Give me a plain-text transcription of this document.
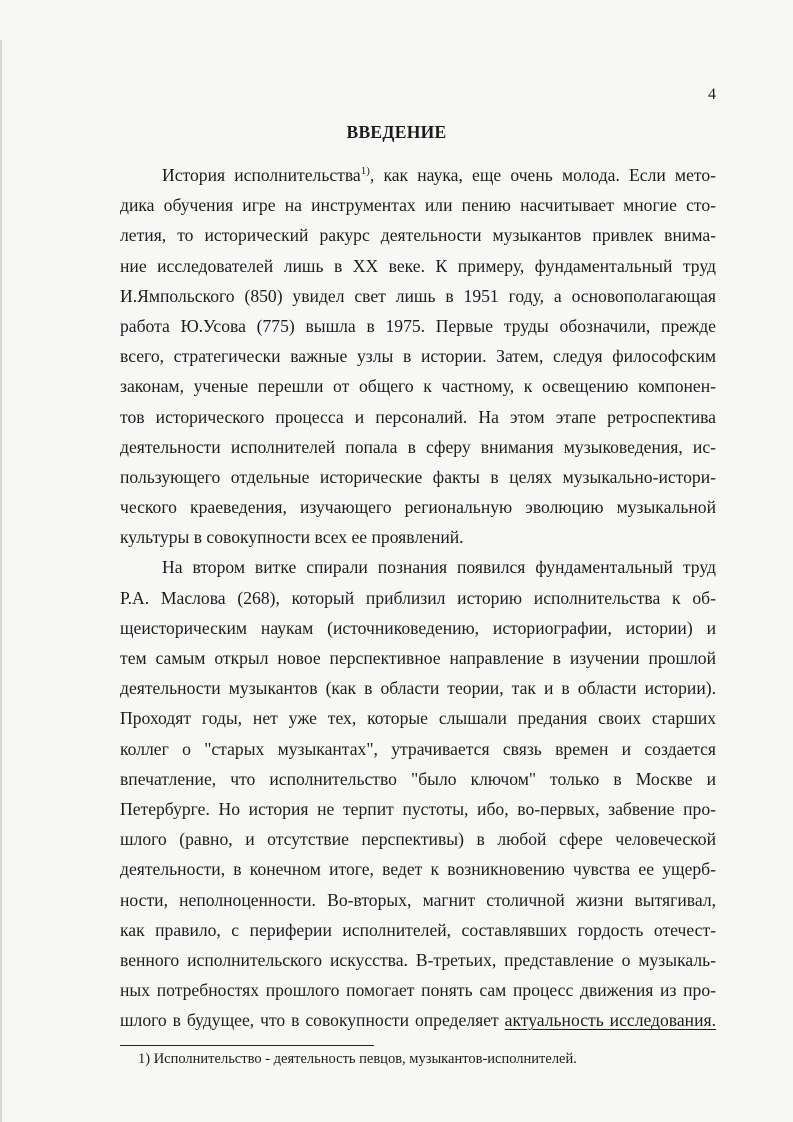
4
ВВЕДЕНИЕ
История исполнительства$^{1)}$, как наука, еще очень молода. Если мето-
дика обучения игре на инструментах или пению насчитывает многие сто-
летия, то исторический ракурс деятельности музыкантов привлек внима-
ние исследователей лишь в XX веке. К примеру, фундаментальный труд
И.Ямпольского (850) увидел свет лишь в 1951 году, а основополагающая
работа Ю.Усова (775) вышла в 1975. Первые труды обозначили, прежде
всего, стратегически важные узлы в истории. Затем, следуя философским
законам, ученые перешли от общего к частному, к освещению компонен-
тов исторического процесса и персоналий. На этом этапе ретроспектива
деятельности исполнителей попала в сферу внимания музыковедения, ис-
пользующего отдельные исторические факты в целях музыкально-истори-
ческого краеведения, изучающего региональную эволюцию музыкальной
культуры в совокупности всех ее проявлений.
На втором витке спирали познания появился фундаментальный труд
Р.А. Маслова (268), который приблизил историю исполнительства к об-
щеисторическим наукам (источниковедению, историографии, истории) и
тем самым открыл новое перспективное направление в изучении прошлой
деятельности музыкантов (как в области теории, так и в области истории).
Проходят годы, нет уже тех, которые слышали предания своих старших
коллег о "старых музыкантах", утрачивается связь времен и создается
впечатление, что исполнительство "было ключом" только в Москве и
Петербурге. Но история не терпит пустоты, ибо, во-первых, забвение про-
шлого (равно, и отсутствие перспективы) в любой сфере человеческой
деятельности, в конечном итоге, ведет к возникновению чувства ее ущерб-
ности, неполноценности. Во-вторых, магнит столичной жизни вытягивал,
как правило, с периферии исполнителей, составлявших гордость отечест-
венного исполнительского искусства. В-третьих, представление о музыкаль-
ных потребностях прошлого помогает понять сам процесс движения из про-
шлого в будущее, что в совокупности определяет актуальность исследования.
1) Исполнительство - деятельность певцов, музыкантов-исполнителей.
